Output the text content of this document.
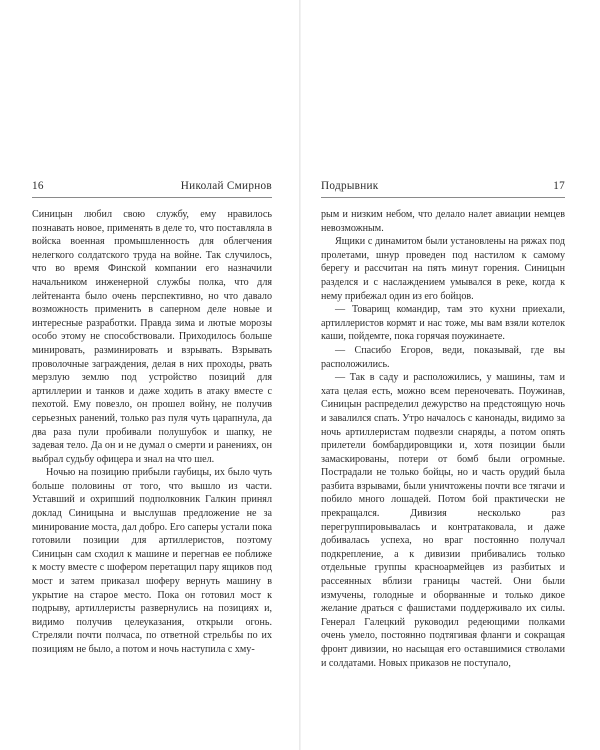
16	Николай Смирнов

Синицын любил свою службу, ему нравилось познавать новое, применять в деле то, что поставлялa в войска военная промышленность для облегчения нелегкого солдатского труда на войне. Так случилось, что во время Финской компании его назначили начальником инженерной службы полка, что для лейтенанта было очень перспективно, но что давало возможность применить в саперном деле новые и интересные разработки. Правда зима и лютые морозы особо этому не способствовали. Приходилось больше минировать, разминировать и взрывать. Взрывать проволочные заграждения, делая в них проходы, рвать мерзлую землю под устройство позиций для артиллерии и танков и даже ходить в атаку вместе с пехотой. Ему повезло, он прошел войну, не получив серьезных ранений, только раз пуля чуть царапнула, да два раза пули пробивали полушубок и шапку, не задевая тело. Да он и не думал о смерти и ранениях, он выбрал судьбу офицера и знал на что шел.

Ночью на позицию прибыли гаубицы, их было чуть больше половины от того, что вышло из части. Уставший и охрипший подполковник Галкин принял доклад Синицына и выслушав предложение не за минирование моста, дал добро. Его саперы устали пока готовили позиции для артиллеристов, поэтому Синицын сам сходил к машине и перегнав ее поближе к мосту вместе с шофером перетащил пару ящиков под мост и затем приказал шоферу вернуть машину в укрытие на старое место. Пока он готовил мост к подрыву, артиллеристы развернулись на позициях и, видимо получив целеуказания, открыли огонь. Стреляли почти полчаса, по ответной стрельбы по их позициям не было, а потом и ночь наступила с хму-

Подрывник	17

рым и низким небом, что делало налет авиации немцев невозможным.

Ящики с динамитом были установлены на ряжах под пролетами, шнур проведен под настилом к самому берегу и рассчитан на пять минут горения. Синицын разделся и с наслаждением умывался в реке, когда к нему прибежал один из его бойцов.

— Товарищ командир, там это кухни приехали, артиллеристов кормят и нас тоже, мы вам взяли котелок каши, пойдемте, пока горячая поужинаете.

— Спасибо Егоров, веди, показывай, где вы расположились.

— Так в саду и расположились, у машины, там и хата целая есть, можно всем переночевать. Поужинав, Синицын распределил дежурство на предстоящую ночь и завалился спать. Утро началось с канонады, видимо за ночь артиллеристам подвезли снаряды, а потом опять прилетели бомбардировщики и, хотя позиции были замаскированы, потери от бомб были огромные. Пострадали не только бойцы, но и часть орудий была разбита взрывами, были уничтожены почти все тягачи и побило много лошадей. Потом бой практически не прекращался. Дивизия несколько раз перегруппировывалась и контратаковала, и даже добивалась успеха, но враг постоянно получал подкрепление, а к дивизии прибивались только отдельные группы красноармейцев из разбитых и рассеянных вблизи границы частей. Они были измучены, голодные и оборванные и только дикое желание драться с фашистами поддерживало их силы. Генерал Галецкий руководил редеющими полками очень умело, постоянно подтягивая фланги и сокращая фронт дивизии, но насыщая его оставшимися стволами и солдатами. Новых приказов не поступало,
